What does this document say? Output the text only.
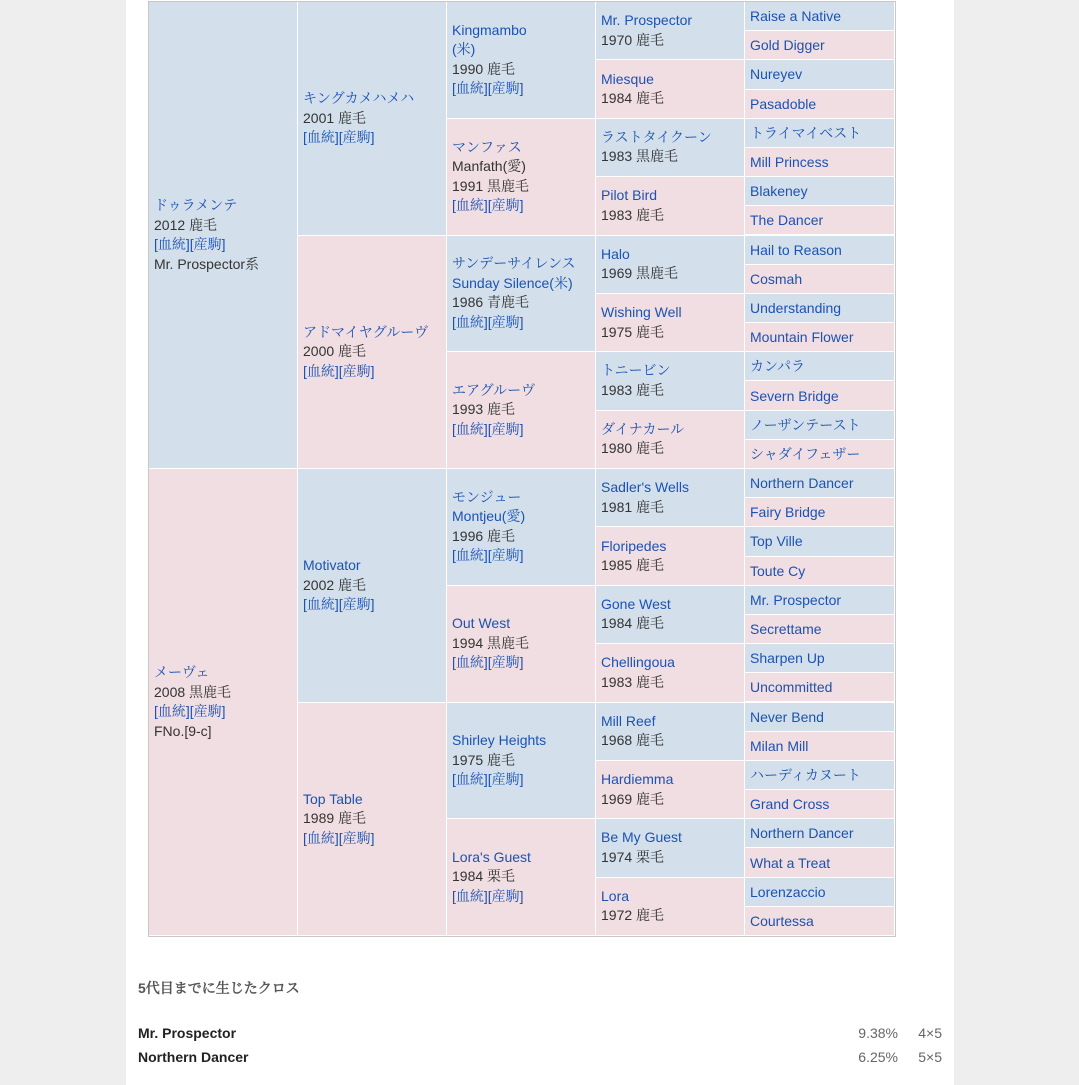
ドゥラメンテ
2012 鹿毛
[血統][産駒]
Mr. Prospector系
メーヴェ
2008 黒鹿毛
[血統][産駒]
FNo.[9-c]
キングカメハメハ
2001 鹿毛
[血統][産駒]
アドマイヤグルーヴ
2000 鹿毛
[血統][産駒]
Motivator
2002 鹿毛
[血統][産駒]
Top Table
1989 鹿毛
[血統][産駒]
Kingmambo
(米)
1990 鹿毛
[血統][産駒]
マンファス
Manfath(愛)
1991 黒鹿毛
[血統][産駒]
サンデーサイレンス
Sunday Silence(米)
1986 青鹿毛
[血統][産駒]
エアグルーヴ
1993 鹿毛
[血統][産駒]
モンジュー
Montjeu(愛)
1996 鹿毛
[血統][産駒]
Out West
1994 黒鹿毛
[血統][産駒]
Shirley Heights
1975 鹿毛
[血統][産駒]
Lora's Guest
1984 栗毛
[血統][産駒]
Mr. Prospector
1970 鹿毛
Miesque
1984 鹿毛
ラストタイクーン
1983 黒鹿毛
Pilot Bird
1983 鹿毛
Halo
1969 黒鹿毛
Wishing Well
1975 鹿毛
トニービン
1983 鹿毛
ダイナカール
1980 鹿毛
Sadler's Wells
1981 鹿毛
Floripedes
1985 鹿毛
Gone West
1984 鹿毛
Chellingoua
1983 鹿毛
Mill Reef
1968 鹿毛
Hardiemma
1969 鹿毛
Be My Guest
1974 栗毛
Lora
1972 鹿毛
Raise a Native
Gold Digger
Nureyev
Pasadoble
トライマイベスト
Mill Princess
Blakeney
The Dancer
Hail to Reason
Cosmah
Understanding
Mountain Flower
カンパラ
Severn Bridge
ノーザンテースト
シャダイフェザー
Northern Dancer
Fairy Bridge
Top Ville
Toute Cy
Mr. Prospector
Secrettame
Sharpen Up
Uncommitted
Never Bend
Milan Mill
ハーディカヌート
Grand Cross
Northern Dancer
What a Treat
Lorenzaccio
Courtessa
5代目までに生じたクロス
Mr. Prospector	9.38% 4×5
Northern Dancer	6.25% 5×5
